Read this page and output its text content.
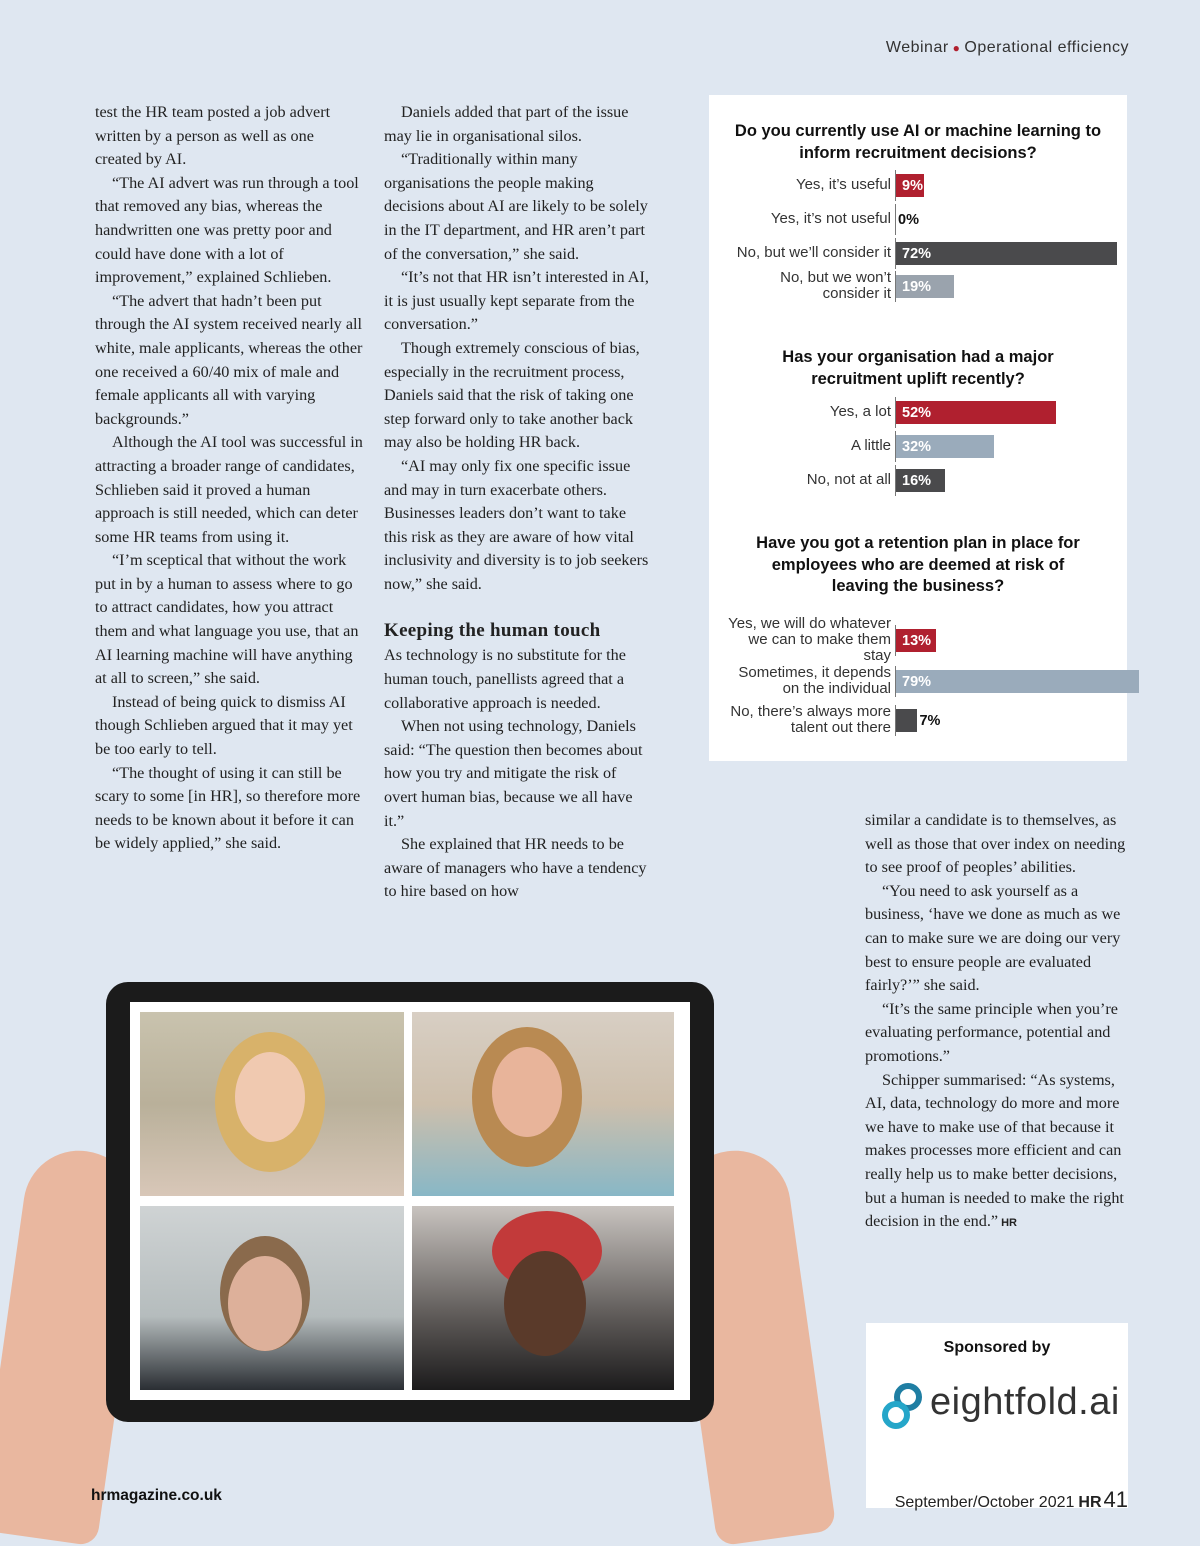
Webinar ● Operational efficiency

test the HR team posted a job advert written by a person as well as one created by AI.

“The AI advert was run through a tool that removed any bias, whereas the handwritten one was pretty poor and could have done with a lot of improvement,” explained Schlieben.

“The advert that hadn’t been put through the AI system received nearly all white, male applicants, whereas the other one received a 60/40 mix of male and female applicants all with varying backgrounds.”

Although the AI tool was successful in attracting a broader range of candidates, Schlieben said it proved a human approach is still needed, which can deter some HR teams from using it.

“I’m sceptical that without the work put in by a human to assess where to go to attract candidates, how you attract them and what language you use, that an AI learning machine will have anything at all to screen,” she said.

Instead of being quick to dismiss AI though Schlieben argued that it may yet be too early to tell.

“The thought of using it can still be scary to some [in HR], so therefore more needs to be known about it before it can be widely applied,” she said.

Daniels added that part of the issue may lie in organisational silos.

“Traditionally within many organisations the people making decisions about AI are likely to be solely in the IT department, and HR aren’t part of the conversation,” she said.

“It’s not that HR isn’t interested in AI, it is just usually kept separate from the conversation.”

Though extremely conscious of bias, especially in the recruitment process, Daniels said that the risk of taking one step forward only to take another back may also be holding HR back.

“AI may only fix one specific issue and may in turn exacerbate others. Businesses leaders don’t want to take this risk as they are aware of how vital inclusivity and diversity is to job seekers now,” she said.

Keeping the human touch

As technology is no substitute for the human touch, panellists agreed that a collaborative approach is needed.

When not using technology, Daniels said: “The question then becomes about how you try and mitigate the risk of overt human bias, because we all have it.”

She explained that HR needs to be aware of managers who have a tendency to hire based on how

similar a candidate is to themselves, as well as those that over index on needing to see proof of peoples’ abilities.

“You need to ask yourself as a business, ‘have we done as much as we can to make sure we are doing our very best to ensure people are evaluated fairly?’” she said.

“It’s the same principle when you’re evaluating performance, potential and promotions.”

Schipper summarised: “As systems, AI, data, technology do more and more we have to make use of that because it makes processes more efficient and can really help us to make better decisions, but a human is needed to make the right decision in the end.” HR

Do you currently use AI or machine learning to inform recruitment decisions?
Has your organisation had a major recruitment uplift recently?
Have you got a retention plan in place for employees who are deemed at risk of leaving the business?
Yes, it’s useful 9%
Yes, it’s not useful 0%
No, but we’ll consider it 72%
No, but we won’t consider it 19%
Yes, a lot 52%
A little 32%
No, not at all 16%
Yes, we will do whatever we can to make them stay
13%
Sometimes, it depends on the individual 79%
No, there’s always more talent out there 7%
Sponsored by
eightfold.ai
hrmagazine.co.uk	September/October 2021 HR41
